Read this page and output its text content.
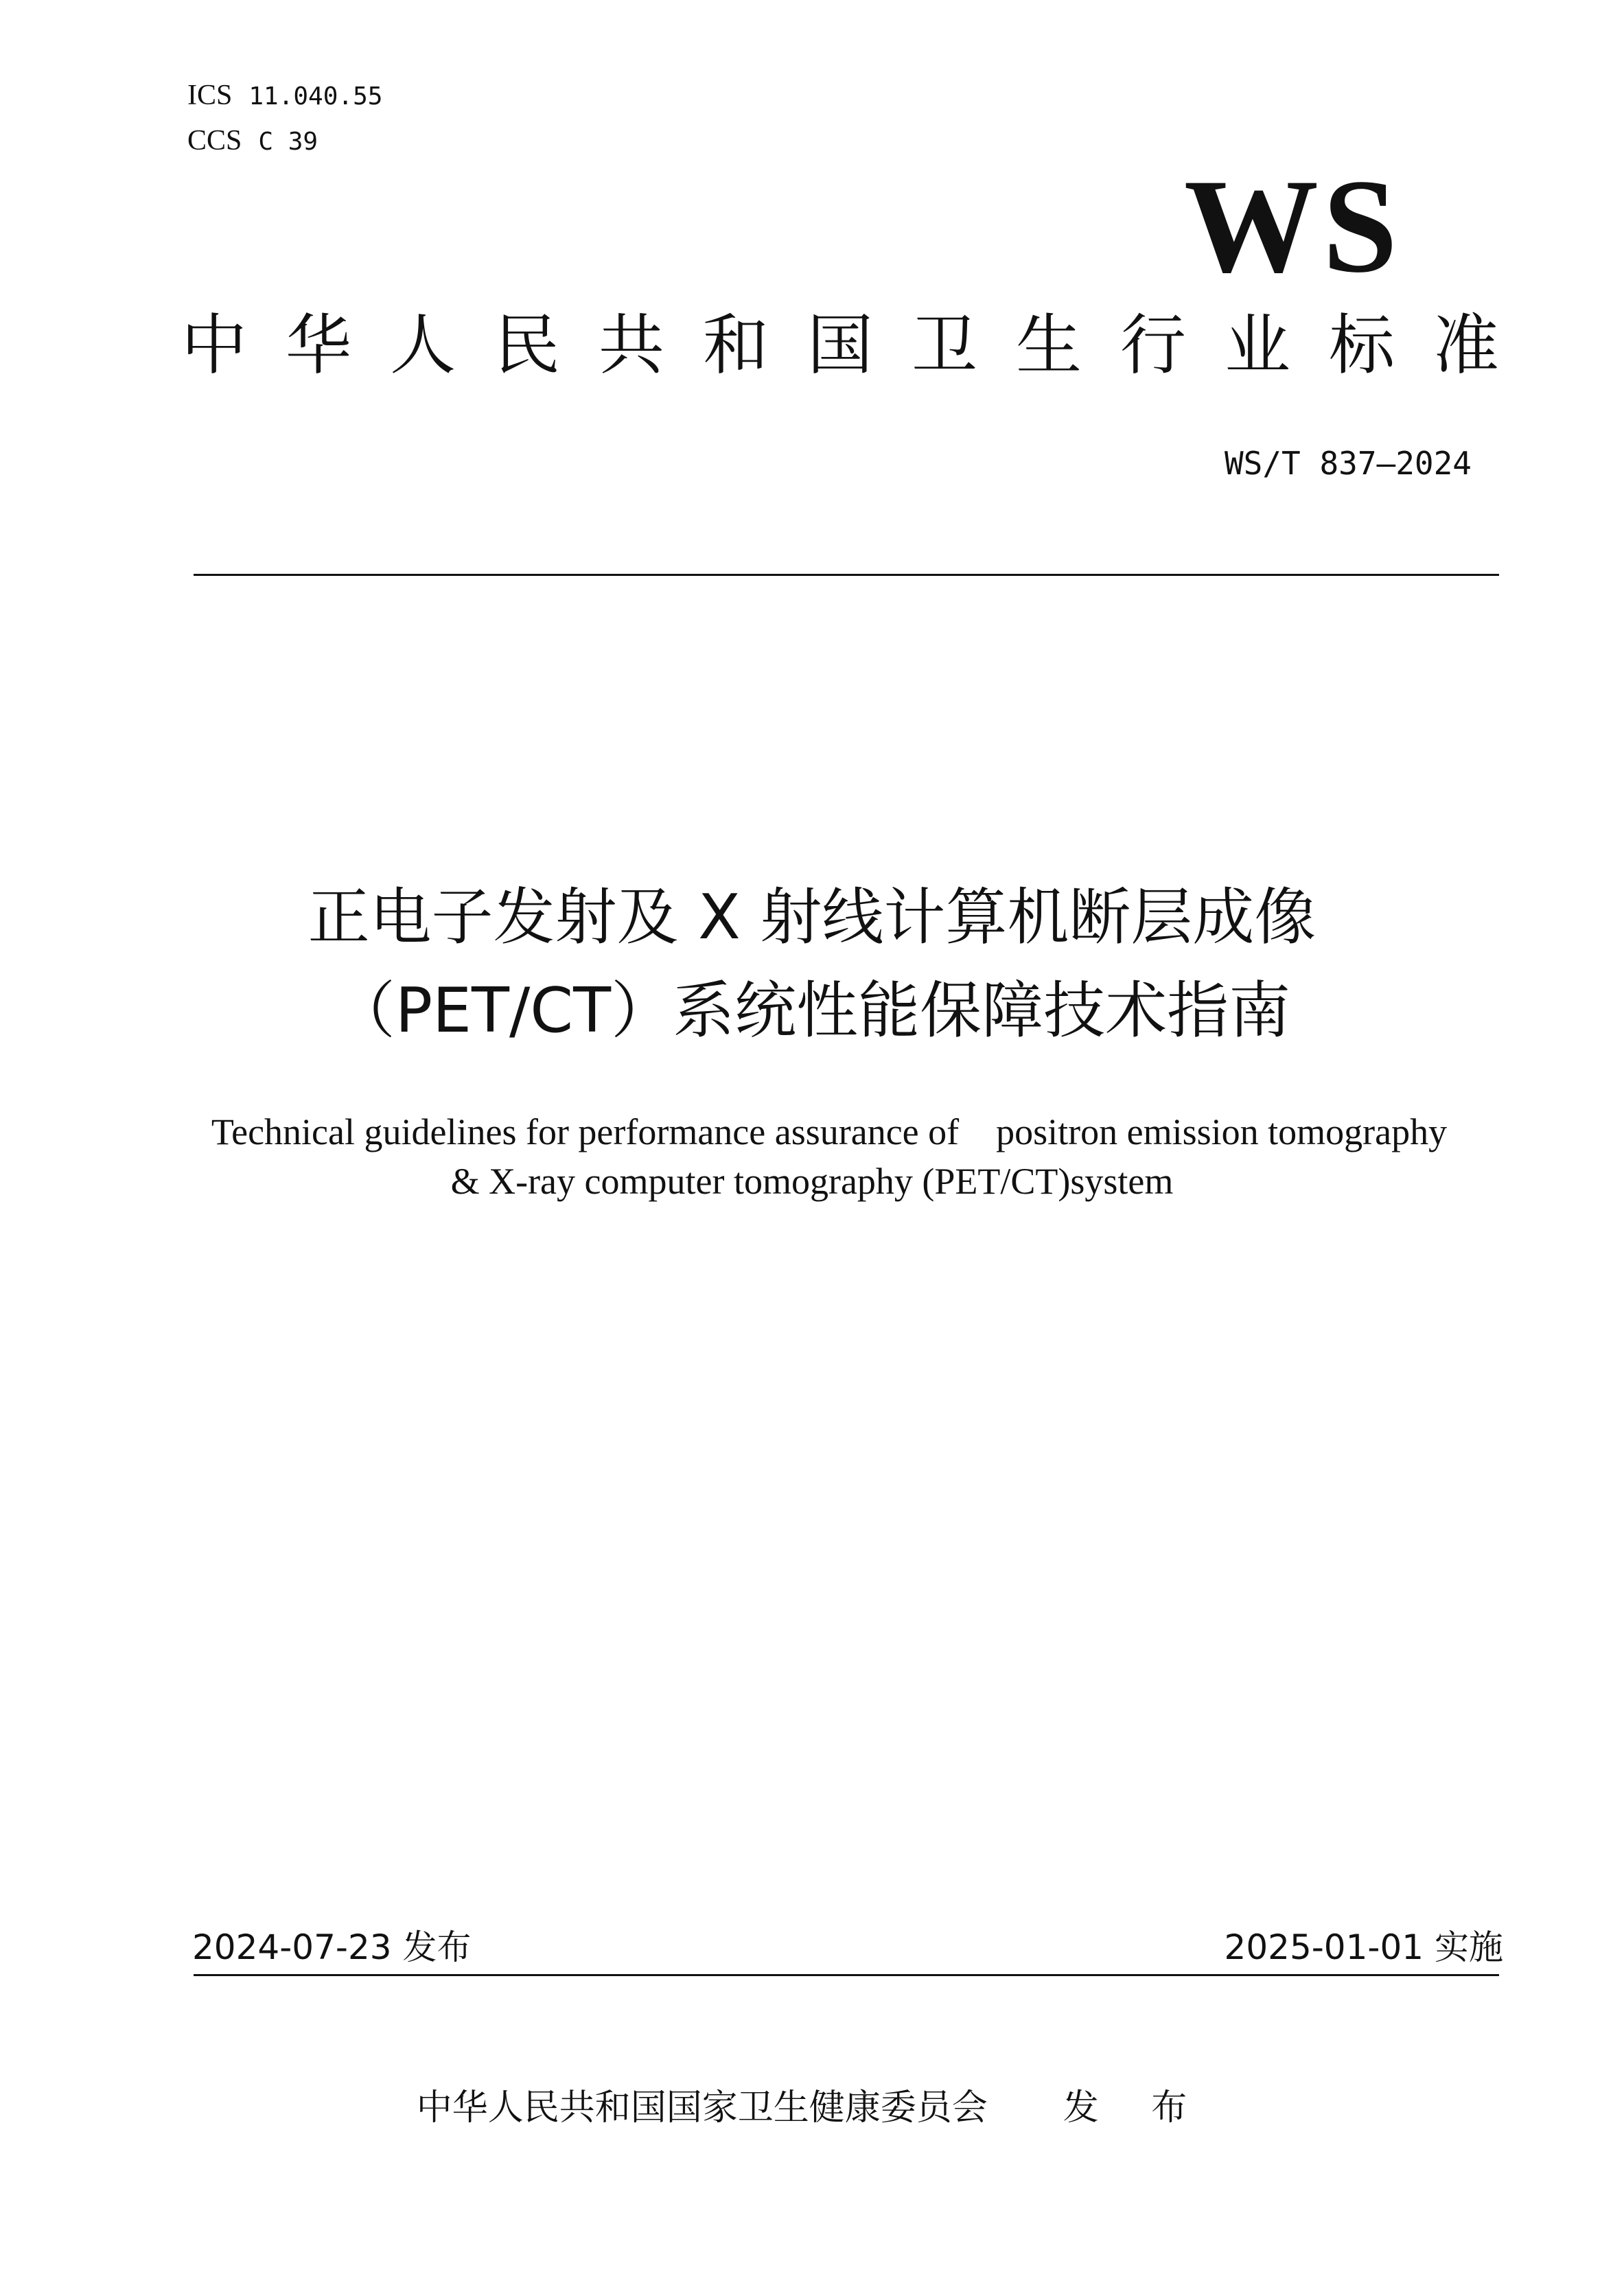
ICS 11.040.55
CCS C 39
WS
中 华 人 民 共 和 国 卫 生 行 业 标 准
WS/T 837—2024
正电子发射及 X 射线计算机断层成像
（PET/CT）系统性能保障技术指南
Technical guidelines for performance assurance of    positron emission tomography
& X-ray computer tomography (PET/CT)system
2024-07-23 发布	2025-01-01 实施
中华人民共和国国家卫生健康委员会 发 布
